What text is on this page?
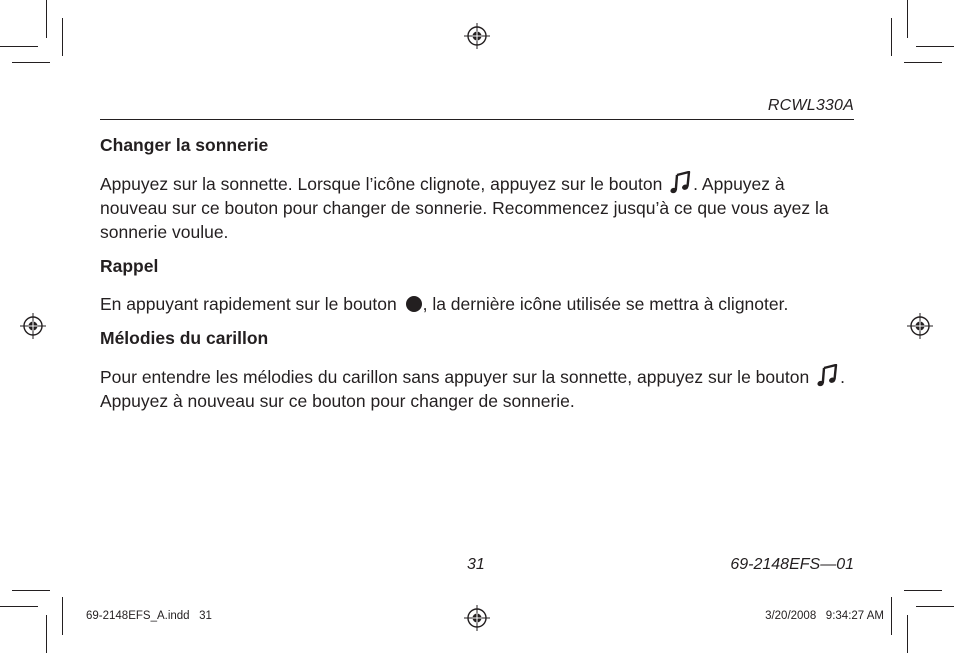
RCWL330A
Changer la sonnerie
Appuyez sur la sonnette. Lorsque l’icône clignote, appuyez sur le bouton . Appuyez à nouveau sur ce bouton pour changer de sonnerie. Recommencez jusqu’à ce que vous ayez la sonnerie voulue.
Rappel
En appuyant rapidement sur le bouton , la dernière icône utilisée se mettra à clignoter.
Mélodies du carillon
Pour entendre les mélodies du carillon sans appuyer sur la sonnette, appuyez sur le bouton . Appuyez à nouveau sur ce bouton pour changer de sonnerie.
31	69-2148EFS—01
69-2148EFS_A.indd   31	3/20/2008   9:34:27 AM
